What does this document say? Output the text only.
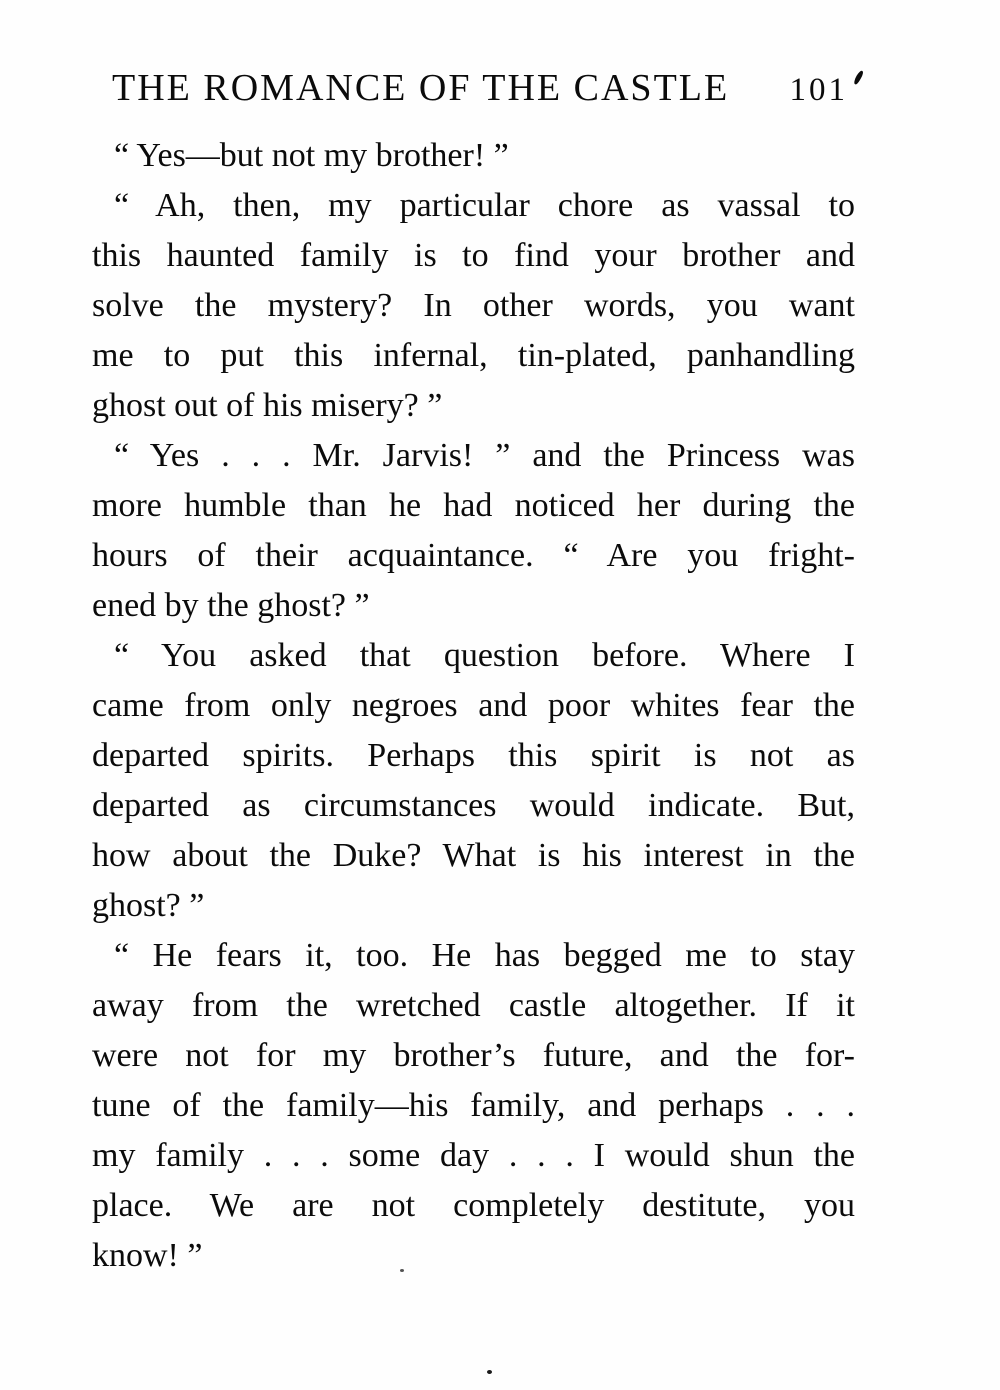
THE ROMANCE OF THE CASTLE 101
“ Yes—but not my brother! ”
“ Ah, then, my particular chore as vassal to
this haunted family is to find your brother and
solve the mystery? In other words, you want
me to put this infernal, tin-plated, panhandling
ghost out of his misery? ”
“ Yes . . . Mr. Jarvis! ” and the Princess was
more humble than he had noticed her during the
hours of their acquaintance. “ Are you fright-
ened by the ghost? ”
“ You asked that question before. Where I
came from only negroes and poor whites fear the
departed spirits. Perhaps this spirit is not as
departed as circumstances would indicate. But,
how about the Duke? What is his interest in the
ghost? ”
“ He fears it, too. He has begged me to stay
away from the wretched castle altogether. If it
were not for my brother’s future, and the for-
tune of the family—his family, and perhaps . . .
my family . . . some day . . . I would shun the
place. We are not completely destitute, you
know! ”
